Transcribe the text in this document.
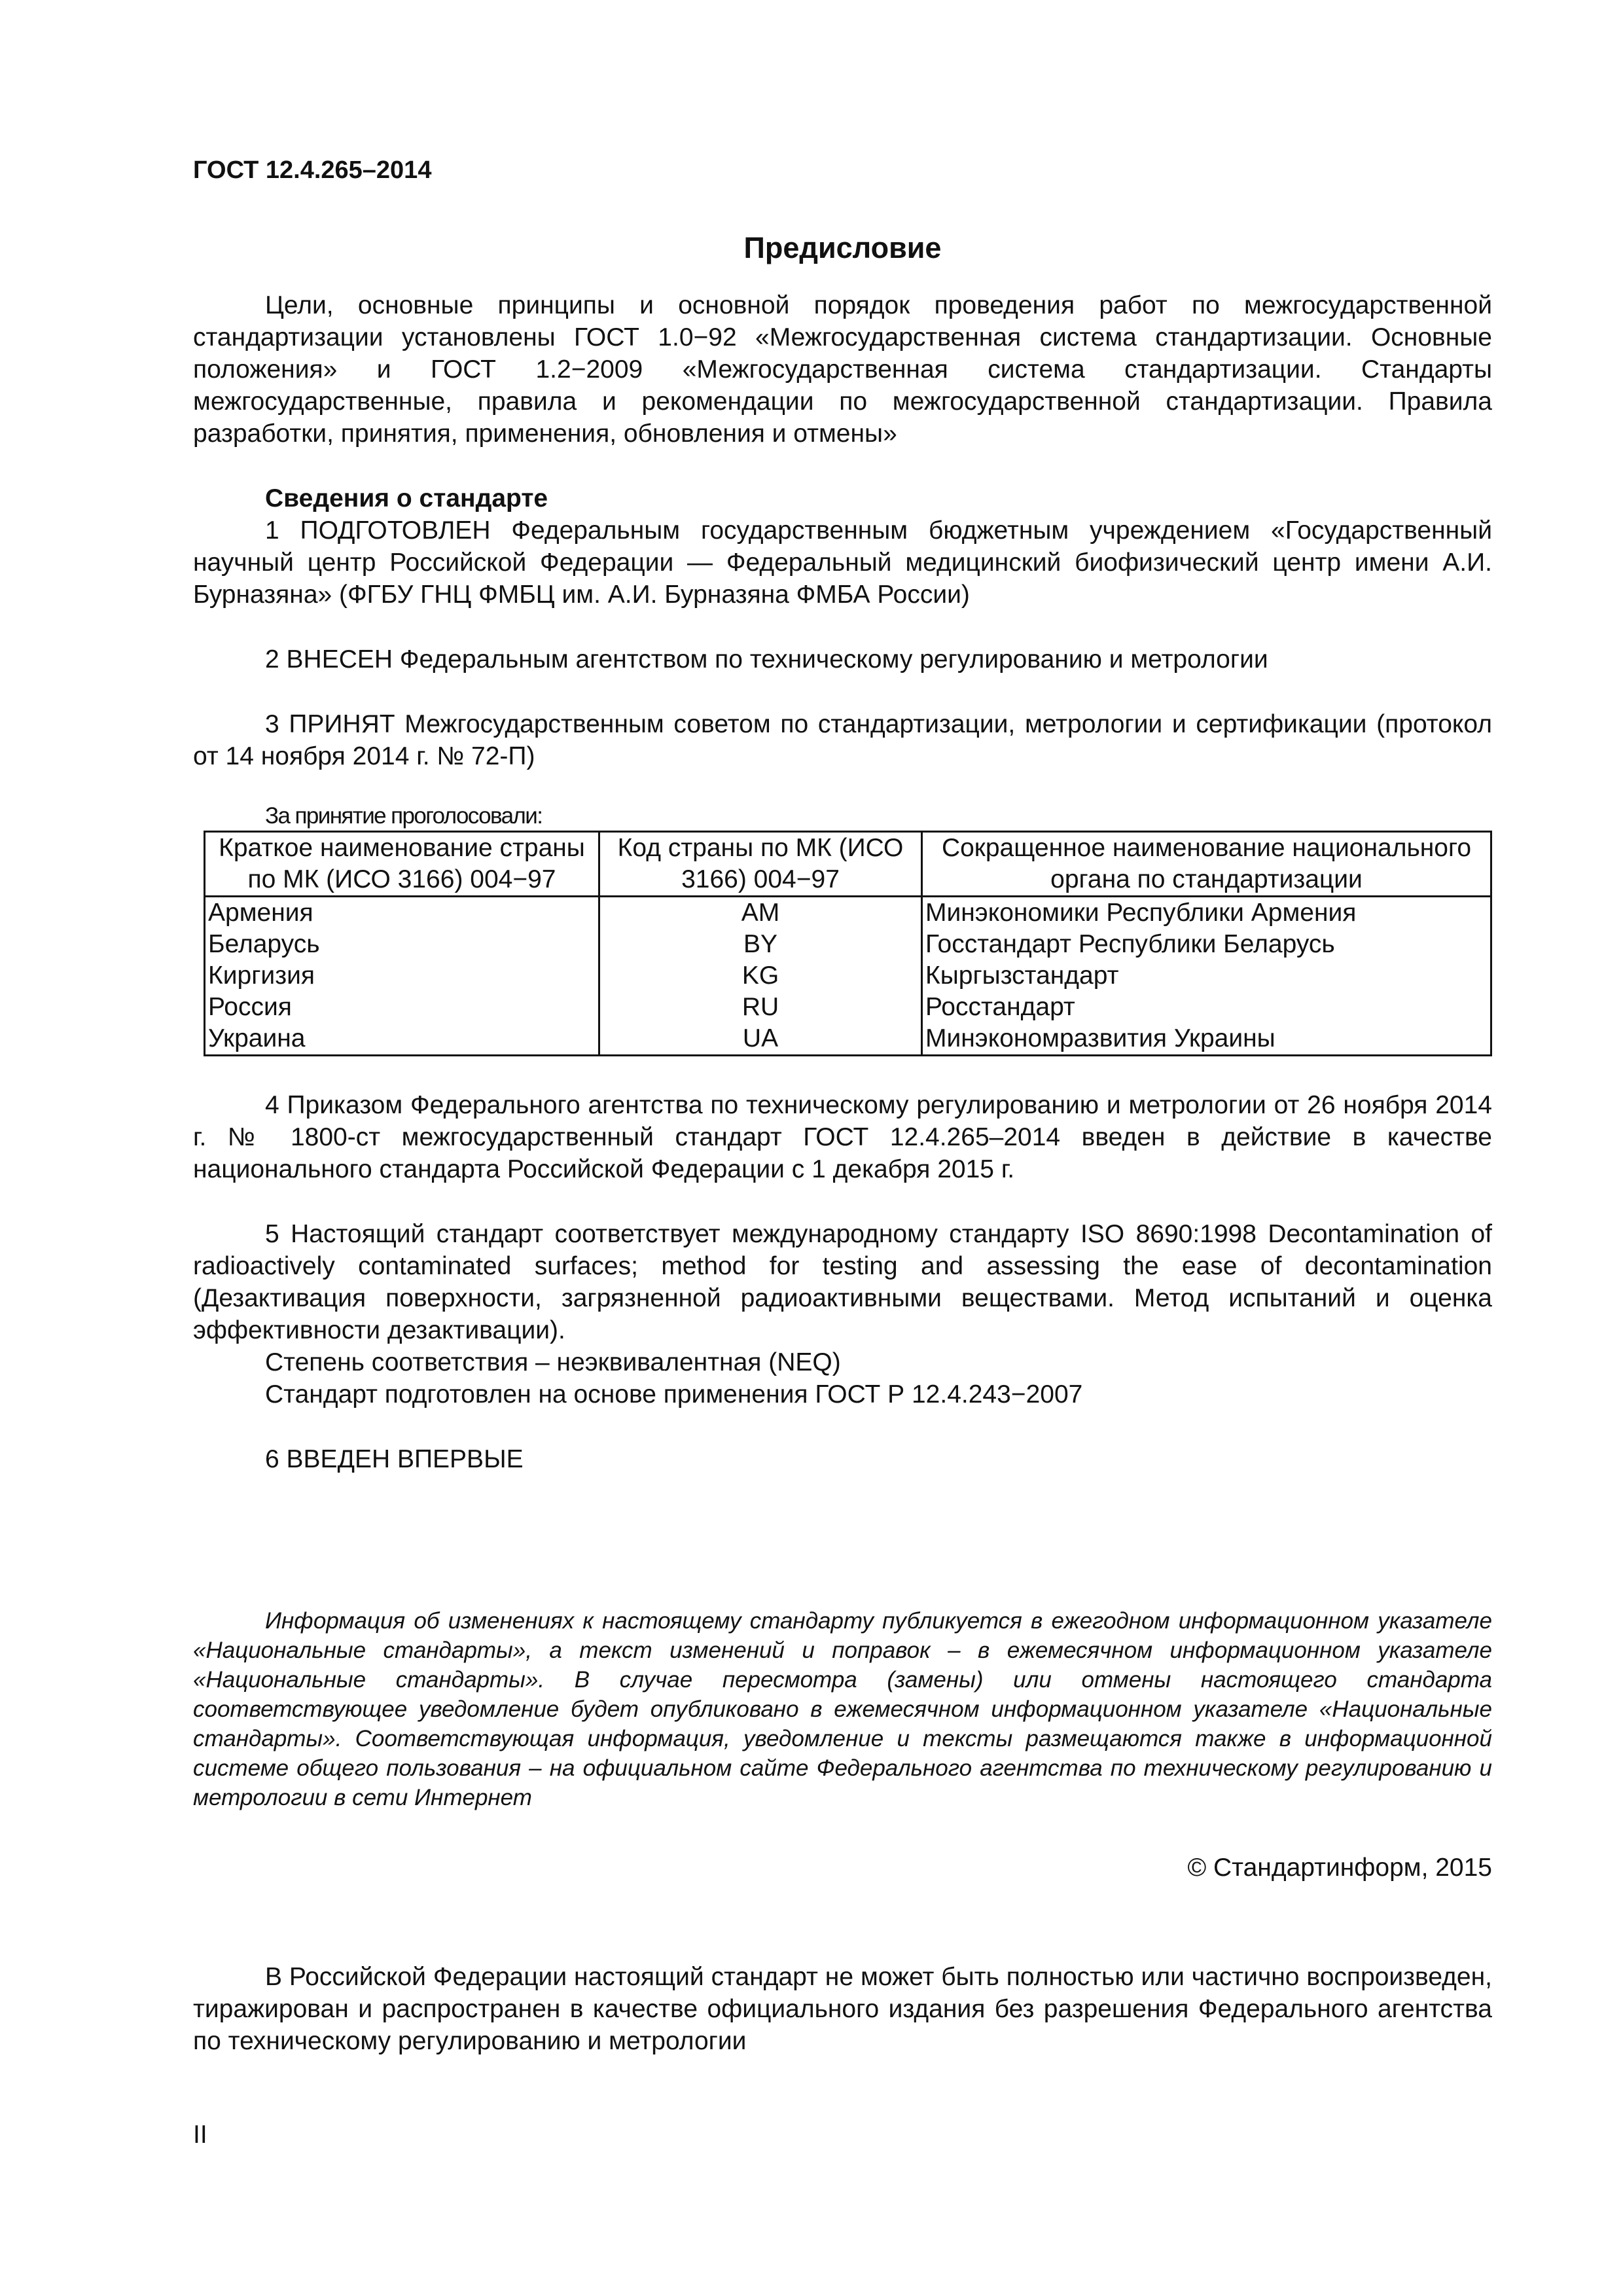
ГОСТ 12.4.265–2014

Предисловие

Цели, основные принципы и основной порядок проведения работ по межгосударственной стандартизации установлены ГОСТ 1.0−92 «Межгосударственная система стандартизации. Основные положения» и ГОСТ 1.2−2009 «Межгосударственная система стандартизации. Стандарты межгосударственные, правила и рекомендации по межгосударственной стандартизации. Правила разработки, принятия, применения, обновления и отмены»

Сведения о стандарте

1 ПОДГОТОВЛЕН Федеральным государственным бюджетным учреждением «Государственный научный центр Российской Федерации — Федеральный медицинский биофизический центр имени А.И. Бурназяна» (ФГБУ ГНЦ ФМБЦ им. А.И. Бурназяна ФМБА России)

2 ВНЕСЕН Федеральным агентством по техническому регулированию и метрологии

3 ПРИНЯТ Межгосударственным советом по стандартизации, метрологии и сертификации (протокол от 14 ноября 2014 г. № 72-П)

За принятие проголосовали:
Краткое наименование страны по МК (ИСО 3166) 004−97	Код страны по МК (ИСО 3166) 004−97	Сокращенное наименование национального органа по стандартизации
Армения	AM	Минэкономики Республики Армения
Беларусь	BY	Госстандарт Республики Беларусь
Киргизия	KG	Кыргызстандарт
Россия	RU	Росстандарт
Украина	UA	Минэкономразвития Украины

4 Приказом Федерального агентства по техническому регулированию и метрологии от 26 ноября 2014 г. № 1800-ст межгосударственный стандарт ГОСТ 12.4.265–2014 введен в действие в качестве национального стандарта Российской Федерации с 1 декабря 2015 г.

5 Настоящий стандарт соответствует международному стандарту ISO 8690:1998 Decontamination of radioactively contaminated surfaces; method for testing and assessing the ease of decontamination (Дезактивация поверхности, загрязненной радиоактивными веществами. Метод испытаний и оценка эффективности дезактивации).

Степень соответствия – неэквивалентная (NEQ)

Стандарт подготовлен на основе применения ГОСТ Р 12.4.243−2007

6 ВВЕДЕН ВПЕРВЫЕ

Информация об изменениях к настоящему стандарту публикуется в ежегодном информационном указателе «Национальные стандарты», а текст изменений и поправок – в ежемесячном информационном указателе «Национальные стандарты». В случае пересмотра (замены) или отмены настоящего стандарта соответствующее уведомление будет опубликовано в ежемесячном информационном указателе «Национальные стандарты». Соответствующая информация, уведомление и тексты размещаются также в информационной системе общего пользования – на официальном сайте Федерального агентства по техническому регулированию и метрологии в сети Интернет

© Стандартинформ, 2015

В Российской Федерации настоящий стандарт не может быть полностью или частично воспроизведен, тиражирован и распространен в качестве официального издания без разрешения Федерального агентства по техническому регулированию и метрологии

II
